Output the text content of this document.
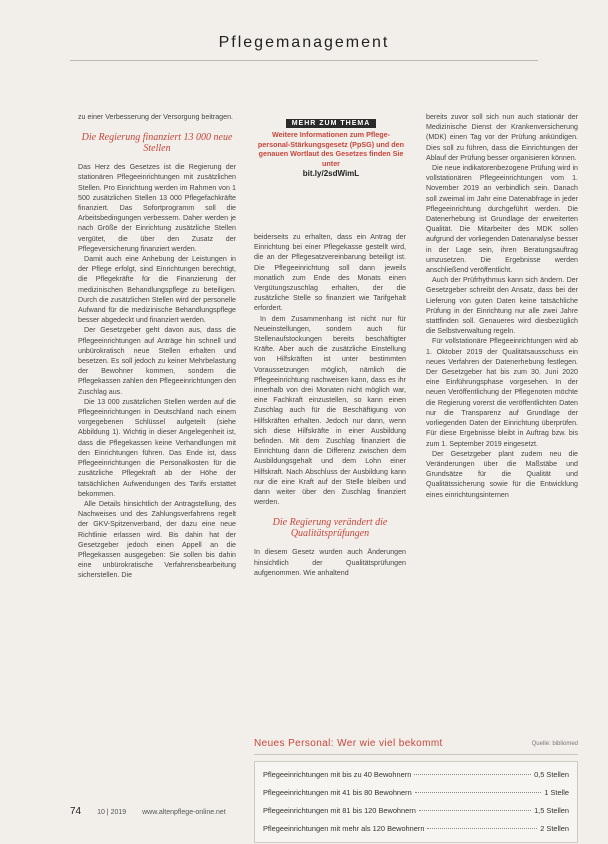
Pflegemanagement

zu einer Verbesserung der Versorgung beitragen.

Die Regierung finanziert 13 000 neue Stellen

Das Herz des Gesetzes ist die Regierung der stationären Pflegeeinrichtungen mit zusätzlichen Stellen. Pro Einrichtung werden im Rahmen von 1 500 zusätzlichen Stellen 13 000 Pflegefachkräfte finanziert. Das Sofortprogramm soll die Arbeitsbedingungen verbessern. Daher werden je nach Größe der Einrichtung zusätzliche Stellen vergütet, die über den Zusatz der Pflegeversicherung finanziert werden.

Damit auch eine Anhebung der Leistungen in der Pflege erfolgt, sind Einrichtungen berechtigt, die Pflegekräfte für die Finanzierung der medizinischen Behandlungspflege zu beteiligen. Durch die zusätzlichen Stellen wird der personelle Aufwand für die medizinische Behandlungspflege besser abgedeckt und finanziert werden.

Der Gesetzgeber geht davon aus, dass die Pflegeeinrichtungen auf Anträge hin schnell und unbürokratisch neue Stellen erhalten und besetzen. Es soll jedoch zu keiner Mehrbelastung der Bewohner kommen, sondern die Pflegekassen zahlen den Pflegeeinrichtungen den Zuschlag aus.

Die 13 000 zusätzlichen Stellen werden auf die Pflegeeinrichtungen in Deutschland nach einem vorgegebenen Schlüssel aufgeteilt (siehe Abbildung 1). Wichtig in dieser Angelegenheit ist, dass die Pflegekassen keine Verhandlungen mit den Einrichtungen führen. Das Ende ist, dass Pflegeeinrichtungen die Personalkosten für die zusätzliche Pflegekraft ab der Höhe der tatsächlichen Aufwendungen des Tarifs erstattet bekommen.

Alle Details hinsichtlich der Antragstellung, des Nachweises und des Zahlungsverfahrens regelt der GKV-Spitzenverband, der dazu eine neue Richtlinie erlassen wird. Bis dahin hat der Gesetzgeber jedoch einen Appell an die Pflegekassen ausgegeben: Sie sollen bis dahin eine unbürokratische Verfahrensbearbeitung sicherstellen. Die

MEHR ZUM THEMA
Weitere Informationen zum Pflege-personal-Stärkungsgesetz (PpSG) und den genauen Wortlaut des Gesetzes finden Sie unter
bit.ly/2sdWimL

beiderseits zu erhalten, dass ein Antrag der Einrichtung bei einer Pflegekasse gestellt wird, die an der Pflegesatzvereinbarung beteiligt ist. Die Pflegeeinrichtung soll dann jeweils monatlich zum Ende des Monats einen Vergütungszuschlag erhalten, der die zusätzliche Stelle so finanziert wie Tarifgehalt erfordert.

In dem Zusammenhang ist nicht nur für Neueinstellungen, sondern auch für Stellenaufstockungen bereits beschäftigter Kräfte. Aber auch die zusätzliche Einstellung von Hilfskräften ist unter bestimmten Voraussetzungen möglich, nämlich die Pflegeeinrichtung nachweisen kann, dass es ihr innerhalb von drei Monaten nicht möglich war, eine Fachkraft einzustellen, so kann einen Zuschlag auch für die Beschäftigung von Hilfskräften erhalten. Jedoch nur dann, wenn sich diese Hilfskräfte in einer Ausbildung befinden. Mit dem Zuschlag finanziert die Einrichtung dann die Differenz zwischen dem Ausbildungsgehalt und dem Lohn einer Hilfskraft. Nach Abschluss der Ausbildung kann nur die eine Kraft auf der Stelle bleiben und dann weiter über den Zuschlag finanziert werden.

Die Regierung verändert die Qualitätsprüfungen

In diesem Gesetz wurden auch Änderungen hinsichtlich der Qualitätsprüfungen aufgenommen. Wie anhaltend

bereits zuvor soll sich nun auch stationär der Medizinische Dienst der Krankenversicherung (MDK) einen Tag vor der Prüfung ankündigen. Dies soll zu führen, dass die Einrichtungen der Ablauf der Prüfung besser organisieren können.

Die neue indikatorenbezogene Prüfung wird in vollstationären Pflegeeinrichtungen vom 1. November 2019 an verbindlich sein. Danach soll zweimal im Jahr eine Datenabfrage in jeder Pflegeeinrichtung durchgeführt werden. Die Datenerhebung ist Grundlage der erweiterten Qualität. Die Mitarbeiter des MDK sollen aufgrund der vorliegenden Datenanalyse besser in der Lage sein, ihren Beratungsauftrag umzusetzen. Die Ergebnisse werden anschließend veröffentlicht.

Auch der Prüfrhythmus kann sich ändern. Der Gesetzgeber schreibt den Ansatz, dass bei der Lieferung von guten Daten keine tatsächliche Prüfung in der Einrichtung nur alle zwei Jahre stattfinden soll. Genaueres wird diesbezüglich die Selbstverwaltung regeln.

Für vollstationäre Pflegeeinrichtungen wird ab 1. Oktober 2019 der Qualitätsausschuss ein neues Verfahren der Datenerhebung festlegen. Der Gesetzgeber hat bis zum 30. Juni 2020 eine Einführungsphase vorgesehen. In der neuen Veröffentlichung der Pflegenoten möchte die Regierung vorerst die veröffentlichten Daten nur die Transparenz auf Grundlage der vorliegenden Daten der Einrichtung überprüfen. Für diese Ergebnisse bleibt in Auftrag bzw. bis zum 1. September 2019 eingesetzt.

Der Gesetzgeber plant zudem neu die Veränderungen über die Maßstäbe und Grundsätze für die Qualität und Qualitätssicherung sowie für die Entwicklung eines einrichtungsinternen

Neues Personal: Wer wie viel bekommt	Quelle: bibliomed
Pflegeeinrichtungen mit bis zu 40 Bewohnern	0,5 Stellen
Pflegeeinrichtungen mit 41 bis 80 Bewohnern	1 Stelle
Pflegeeinrichtungen mit 81 bis 120 Bewohnern	1,5 Stellen
Pflegeeinrichtungen mit mehr als 120 Bewohnern	2 Stellen
74 10 | 2019 www.altenpflege-online.net
